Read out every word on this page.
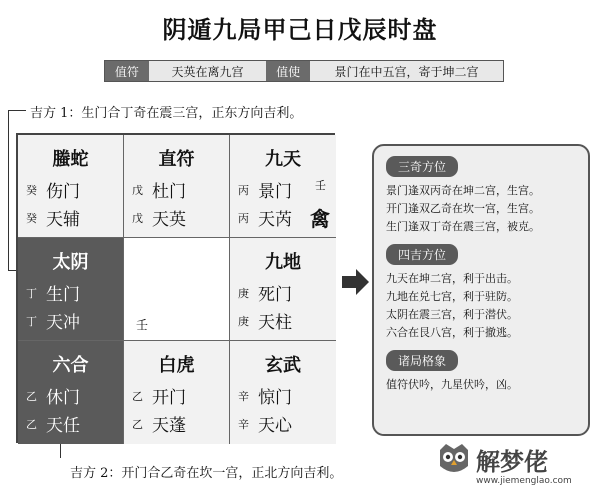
阴遁九局甲己日戊辰时盘
值符	天英在离九宫	值使	景门在中五宫，寄于坤二宫
吉方 1：生门合丁奇在震三宫，正东方向吉利。
螣蛇
癸 伤门
癸 天辅
直符
戊 杜门
戊 天英
九天
丙 景门
丙 天芮
壬
禽
太阴
丁 生门
丁 天冲	壬
九地
庚 死门
庚 天柱
六合
乙 休门
乙 天任
白虎
乙 开门
乙 天蓬
玄武
辛 惊门
辛 天心
三奇方位
景门逢双丙奇在坤二宫，生宫。
开门逢双乙奇在坎一宫，生宫。
生门逢双丁奇在震三宫，被克。
四吉方位
九天在坤二宫，利于出击。
九地在兑七宫，利于驻防。
太阴在震三宫，利于潜伏。
六合在艮八宫，利于撤逃。
诸局格象
值符伏吟，九星伏吟，凶。
吉方 2：开门合乙奇在坎一宫，正北方向吉利。	解梦佬
www.jiemenglao.com
